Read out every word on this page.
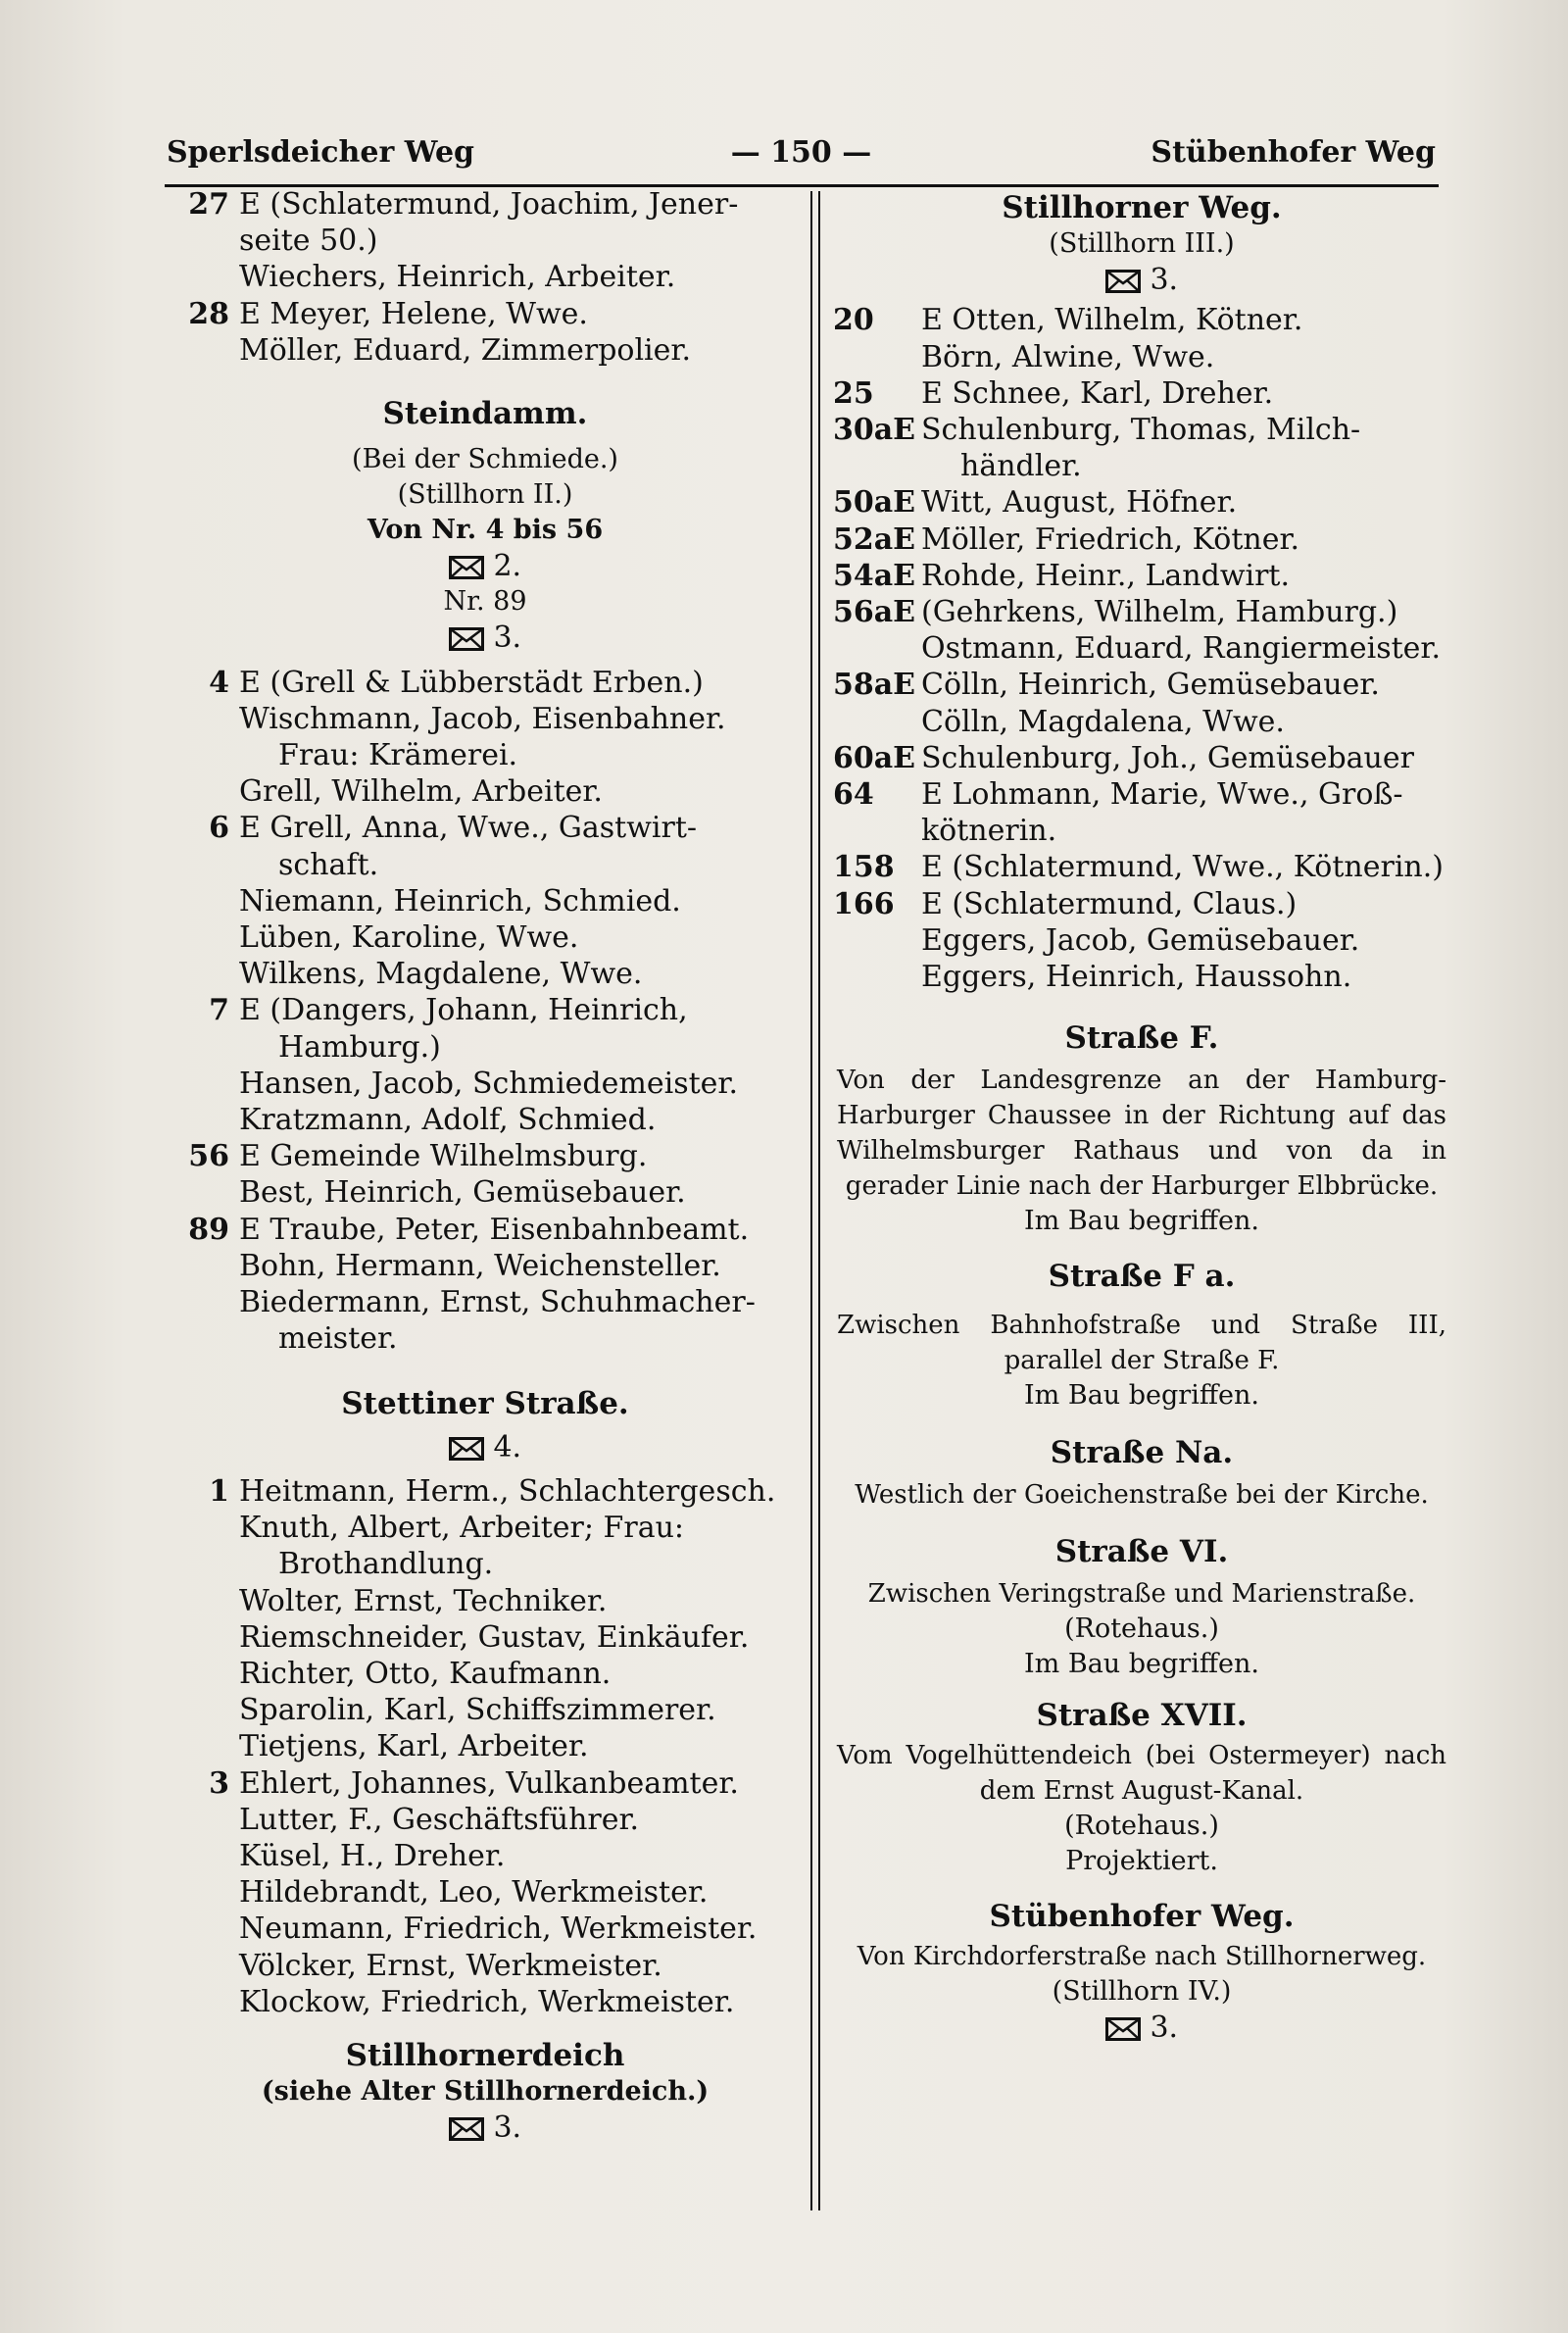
Sperlsdeicher Weg	— 150 —	Stübenhofer Weg
27 E (Schlatermund, Joachim, Jener-
seite 50.)
Wiechers, Heinrich, Arbeiter.
28 E Meyer, Helene, Wwe.
Möller, Eduard, Zimmerpolier.
Steindamm.
(Bei der Schmiede.)
(Stillhorn II.)
Von Nr. 4 bis 56
2.
Nr. 89
3.
4 E (Grell & Lübberstädt Erben.)
Wischmann, Jacob, Eisenbahner.
Frau: Krämerei.
Grell, Wilhelm, Arbeiter.
6 E Grell, Anna, Wwe., Gastwirt-
schaft.
Niemann, Heinrich, Schmied.
Lüben, Karoline, Wwe.
Wilkens, Magdalene, Wwe.
7 E (Dangers, Johann, Heinrich,
Hamburg.)
Hansen, Jacob, Schmiedemeister.
Kratzmann, Adolf, Schmied.
56 E Gemeinde Wilhelmsburg.
Best, Heinrich, Gemüsebauer.
89 E Traube, Peter, Eisenbahnbeamt.
Bohn, Hermann, Weichensteller.
Biedermann, Ernst, Schuhmacher-
meister.
Stettiner Straße.
4.
1 Heitmann, Herm., Schlachtergesch.
Knuth, Albert, Arbeiter; Frau:
Brothandlung.
Wolter, Ernst, Techniker.
Riemschneider, Gustav, Einkäufer.
Richter, Otto, Kaufmann.
Sparolin, Karl, Schiffszimmerer.
Tietjens, Karl, Arbeiter.
3 Ehlert, Johannes, Vulkanbeamter.
Lutter, F., Geschäftsführer.
Küsel, H., Dreher.
Hildebrandt, Leo, Werkmeister.
Neumann, Friedrich, Werkmeister.
Völcker, Ernst, Werkmeister.
Klockow, Friedrich, Werkmeister.
Stillhornerdeich
(siehe Alter Stillhornerdeich.)
3.
Stillhorner Weg.
(Stillhorn III.)
3.
20	E Otten, Wilhelm, Kötner.
Börn, Alwine, Wwe.
25	E Schnee, Karl, Dreher.
30aE Schulenburg, Thomas, Milch-
händler.
50aE Witt, August, Höfner.
52aE Möller, Friedrich, Kötner.
54aE Rohde, Heinr., Landwirt.
56aE (Gehrkens, Wilhelm, Hamburg.)
Ostmann, Eduard, Rangiermeister.
58aE Cölln, Heinrich, Gemüsebauer.
Cölln, Magdalena, Wwe.
60aE Schulenburg, Joh., Gemüsebauer
64	E Lohmann, Marie, Wwe., Groß-
kötnerin.
158 E (Schlatermund, Wwe., Kötnerin.)
166 E (Schlatermund, Claus.)
Eggers, Jacob, Gemüsebauer.
Eggers, Heinrich, Haussohn.
Straße F.
Von der Landesgrenze an der Hamburg-Harburger Chaussee in der Richtung auf das Wilhelmsburger Rathaus und von da in gerader Linie nach der Harburger Elbbrücke.
Im Bau begriffen.
Straße F a.
Zwischen Bahnhofstraße und Straße III, parallel der Straße F.
Im Bau begriffen.
Straße Na.
Westlich der Goeichenstraße bei der Kirche.
Straße VI.
Zwischen Veringstraße und Marienstraße.
(Rotehaus.)
Im Bau begriffen.
Straße XVII.
Vom Vogelhüttendeich (bei Ostermeyer) nach dem Ernst August-Kanal.
(Rotehaus.)
Projektiert.
Stübenhofer Weg.
Von Kirchdorferstraße nach Stillhornerweg.
(Stillhorn IV.)
3.
